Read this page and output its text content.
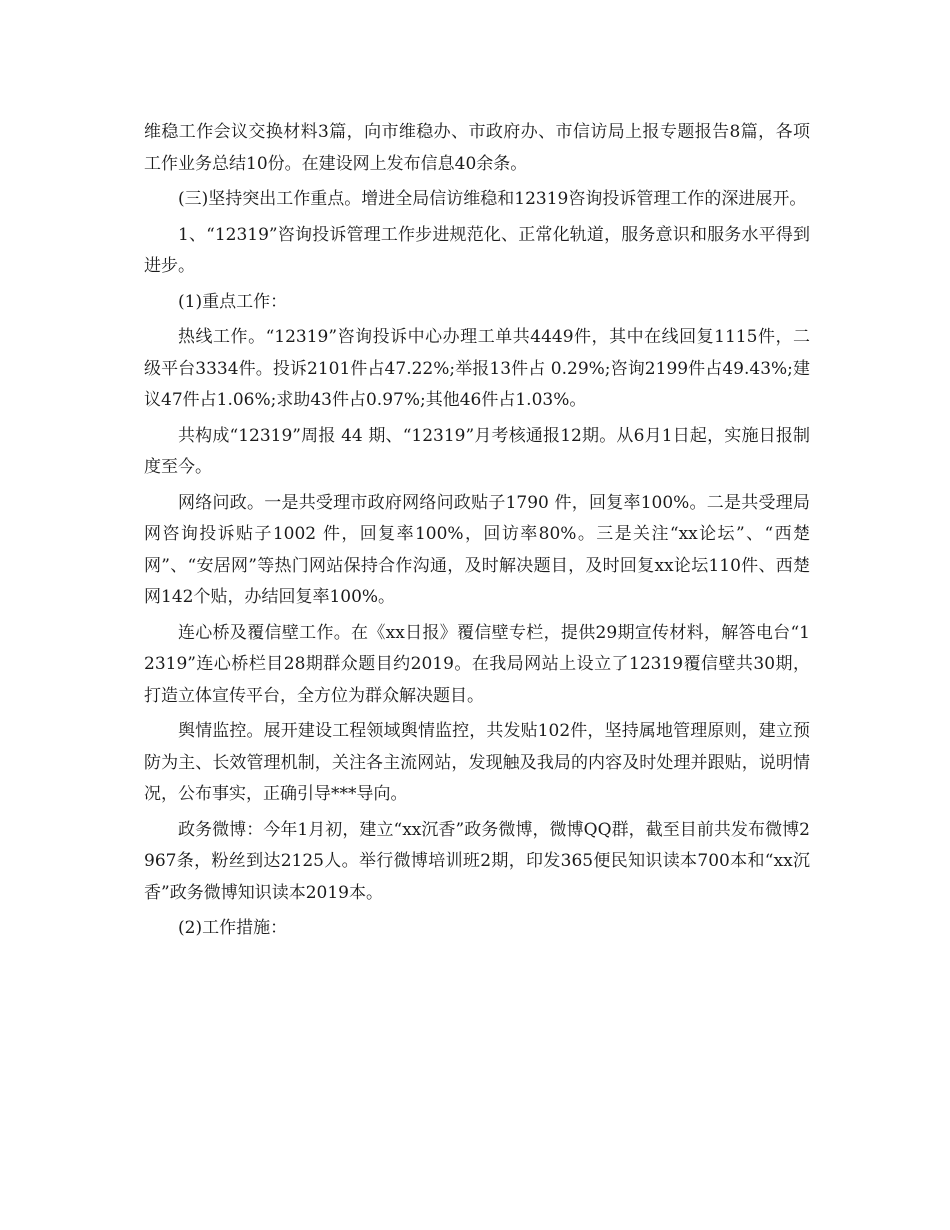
维稳工作会议交换材料3篇，向市维稳办、市政府办、市信访局上报专题报告8篇，各项工作业务总结10份。在建设网上发布信息40余条。

(三)坚持突出工作重点。增进全局信访维稳和12319咨询投诉管理工作的深进展开。

1、“12319”咨询投诉管理工作步进规范化、正常化轨道，服务意识和服务水平得到进步。

(1)重点工作：

热线工作。“12319”咨询投诉中心办理工单共4449件，其中在线回复1115件，二级平台3334件。投诉2101件占47.22%;举报13件占 0.29%;咨询2199件占49.43%;建议47件占1.06%;求助43件占0.97%;其他46件占1.03%。

共构成“12319”周报 44 期、“12319”月考核通报12期。从6月1日起，实施日报制度至今。

网络问政。一是共受理市政府网络问政贴子1790 件，回复率100%。二是共受理局网咨询投诉贴子1002 件，回复率100%，回访率80%。三是关注“xx论坛”、“西楚网”、“安居网”等热门网站保持合作沟通，及时解决题目，及时回复xx论坛110件、西楚网142个贴，办结回复率100%。

连心桥及覆信壁工作。在《xx日报》覆信壁专栏，提供29期宣传材料，解答电台“12319”连心桥栏目28期群众题目约2019。在我局网站上设立了12319覆信壁共30期，打造立体宣传平台，全方位为群众解决题目。

舆情监控。展开建设工程领域舆情监控，共发贴102件，坚持属地管理原则，建立预防为主、长效管理机制，关注各主流网站，发现触及我局的内容及时处理并跟贴，说明情况，公布事实，正确引导***导向。

政务微博：今年1月初，建立“xx沉香”政务微博，微博QQ群，截至目前共发布微博2967条，粉丝到达2125人。举行微博培训班2期，印发365便民知识读本700本和“xx沉香”政务微博知识读本2019本。

(2)工作措施：
